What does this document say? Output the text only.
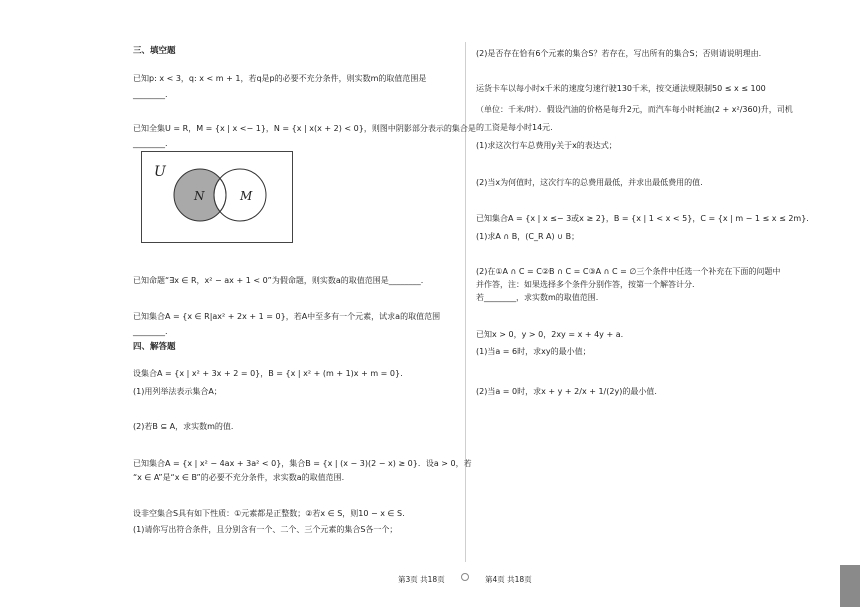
三、填空题
已知p: x < 3，q: x < m + 1，若q是p的必要不充分条件，则实数m的取值范围是
________.
已知全集U = R，M = {x | x <− 1}，N = {x | x(x + 2) < 0}，则图中阴影部分表示的集合是
________.
U
N	M
已知命题“∃x ∈ R，x² − ax + 1 < 0”为假命题，则实数a的取值范围是________.
已知集合A = {x ∈ R|ax² + 2x + 1 = 0}，若A中至多有一个元素，试求a的取值范围
________.
四、解答题
设集合A = {x | x² + 3x + 2 = 0}，B = {x | x² + (m + 1)x + m = 0}.
(1)用列举法表示集合A；
(2)若B ⊆ A，求实数m的值.
已知集合A = {x | x² − 4ax + 3a² < 0}，集合B = {x | (x − 3)(2 − x) ≥ 0}．设a > 0，若
“x ∈ A”是“x ∈ B”的必要不充分条件，求实数a的取值范围.
设非空集合S具有如下性质：①元素都是正整数；②若x ∈ S，则10 − x ∈ S.
(1)请你写出符合条件，且分别含有一个、二个、三个元素的集合S各一个；
(2)是否存在恰有6个元素的集合S？若存在，写出所有的集合S；否则请说明理由.
运货卡车以每小时x千米的速度匀速行驶130千米，按交通法规限制50 ≤ x ≤ 100
（单位：千米/时）．假设汽油的价格是每升2元，而汽车每小时耗油(2 + x²/360)升，司机
的工资是每小时14元.
(1)求这次行车总费用y关于x的表达式；
(2)当x为何值时，这次行车的总费用最低，并求出最低费用的值.
已知集合A = {x | x ≤− 3或x ≥ 2}，B = {x | 1 < x < 5}，C = {x | m − 1 ≤ x ≤ 2m}.
(1)求A ∩ B，(C_R A) ∪ B；
(2)在①A ∩ C = C②B ∩ C = C③A ∩ C = ∅三个条件中任选一个补充在下面的问题中
并作答，注：如果选择多个条件分别作答，按第一个解答计分.
若________，求实数m的取值范围.
已知x > 0，y > 0，2xy = x + 4y + a.
(1)当a = 6时，求xy的最小值；
(2)当a = 0时，求x + y + 2/x + 1/(2y)的最小值.
第3页 共18页	第4页 共18页
